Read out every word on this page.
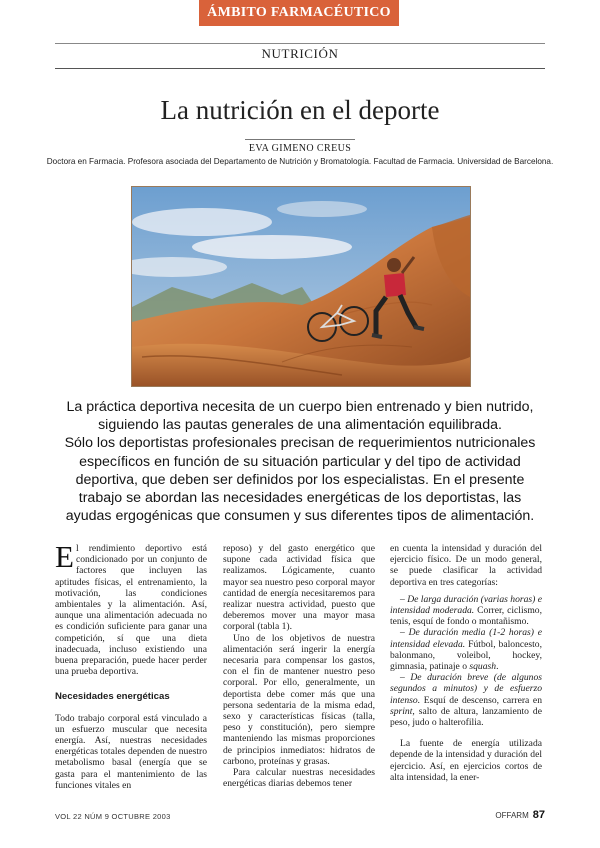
ÁMBITO FARMACÉUTICO
NUTRICIÓN
La nutrición en el deporte
EVA GIMENO CREUS
Doctora en Farmacia. Profesora asociada del Departamento de Nutrición y Bromatología. Facultad de Farmacia. Universidad de Barcelona.

La práctica deportiva necesita de un cuerpo bien entrenado y bien nutrido, siguiendo las pautas generales de una alimentación equilibrada.

Sólo los deportistas profesionales precisan de requerimientos nutricionales específicos en función de su situación particular y del tipo de actividad deportiva, que deben ser definidos por los especialistas. En el presente trabajo se abordan las necesidades energéticas de los deportistas, las ayudas ergogénicas que consumen y sus diferentes tipos de alimentación.

El rendimiento deportivo está condicionado por un conjunto de factores que incluyen las aptitudes físicas, el entrenamiento, la motivación, las condiciones ambientales y la alimentación. Así, aunque una alimentación adecuada no es condición suficiente para ganar una competición, sí que una dieta inadecuada, incluso existiendo una buena preparación, puede hacer perder una prueba deportiva.

Necesidades energéticas

Todo trabajo corporal está vinculado a un esfuerzo muscular que necesita energía. Así, nuestras necesidades energéticas totales dependen de nuestro metabolismo basal (energía que se gasta para el mantenimiento de las funciones vitales en

reposo) y del gasto energético que supone cada actividad física que realizamos. Lógicamente, cuanto mayor sea nuestro peso corporal mayor cantidad de energía necesitaremos para realizar nuestra actividad, puesto que deberemos mover una mayor masa corporal (tabla 1).

Uno de los objetivos de nuestra alimentación será ingerir la energía necesaria para compensar los gastos, con el fin de mantener nuestro peso corporal. Por ello, generalmente, un deportista debe comer más que una persona sedentaria de la misma edad, sexo y características físicas (talla, peso y constitución), pero siempre manteniendo las mismas proporciones de principios inmediatos: hidratos de carbono, proteínas y grasas.

Para calcular nuestras necesidades energéticas diarias debemos tener

en cuenta la intensidad y duración del ejercicio físico. De un modo general, se puede clasificar la actividad deportiva en tres categorías:

– De larga duración (varias horas) e intensidad moderada. Correr, ciclismo, tenis, esquí de fondo o montañismo.

– De duración media (1-2 horas) e intensidad elevada. Fútbol, baloncesto, balonmano, voleibol, hockey, gimnasia, patinaje o squash.

– De duración breve (de algunos segundos a minutos) y de esfuerzo intenso. Esquí de descenso, carrera en sprint, salto de altura, lanzamiento de peso, judo o halterofilia.

La fuente de energía utilizada depende de la intensidad y duración del ejercicio. Así, en ejercicios cortos de alta intensidad, la ener-

VOL 22 NÚM 9 OCTUBRE 2003	OFFARM 87
